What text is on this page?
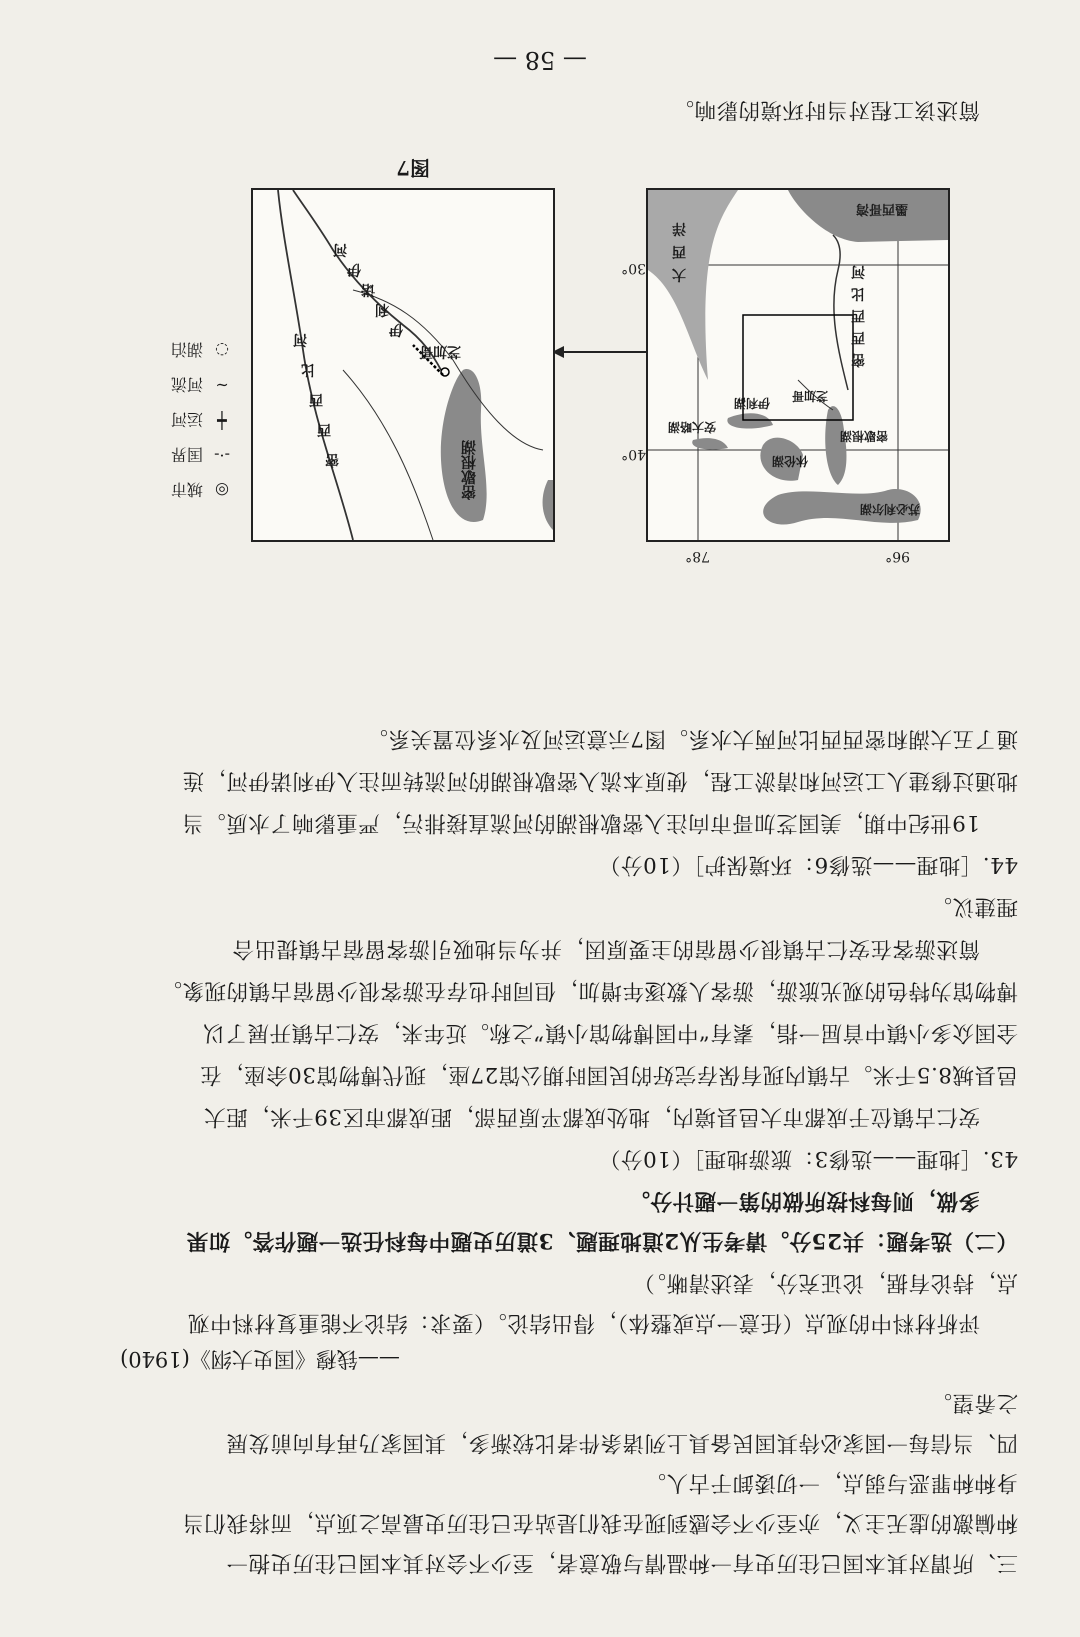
三、所谓对其本国已往历史有一种温情与敬意者，至少不会对其本国已往历史抱一
种偏激的虚无主义，亦至少不会感到现在我们是站在已往历史最高之顶点，而将我们当
身种种罪恶与弱点，一切诿卸于古人。
四、当信每一国家必待其国民备具上列诸条件者比较渐多，其国家乃再有向前发展
之希望。
——钱穆《国史大纲》(1940)
评析材料中的观点（任意一点或整体），得出结论。（要求：结论不能重复材料中观
点，持论有据，论证充分，表述清晰。）
（二）选考题：共25分。请考生从2道地理题、3道历史题中每科任选一题作答。如果
多做，则每科按所做的第一题计分。
43.［地理——选修3：旅游地理］（10分）
安仁古镇位于成都市大邑县境内，地处成都平原西部，距成都市区39千米，距大
邑县城8.5千米。古镇内现有保存完好的民国时期公馆27座，现代博物馆30余座，在
全国众多小镇中首屈一指，素有“中国博物馆小镇”之称。近年来，安仁古镇开展了以
博物馆为特色的观光旅游，游客人数逐年增加，但同时也存在游客很少留宿古镇的现象。
简述游客在安仁古镇很少留宿的主要原因，并为当地吸引游客留宿古镇提出合
理建议。
44.［地理——选修6：环境保护］（10分）
19世纪中期，美国芝加哥市向注入密歇根湖的河流直接排污，严重影响了水质。当
地通过修建人工运河和清淤工程，使原本流入密歇根湖的河流转而注入伊利诺伊河，连
通了五大湖和密西西比河两大水系。图7示意运河及水系位置关系。
苏必利尔湖
休伦湖
密歇根湖
芝加哥
伊利湖
安大略湖
密
西
西
比
河
墨西哥湾
大
西
洋
96°
78°
40°
30°
密歇根湖
芝加哥
伊
利
诺
伊
河
密
西
西
比
河
◎
城市
-·-
国界
┿
运河
∼
河流
◌
湖泊
图7
简述该工程对当时环境的影响。
— 58 —
